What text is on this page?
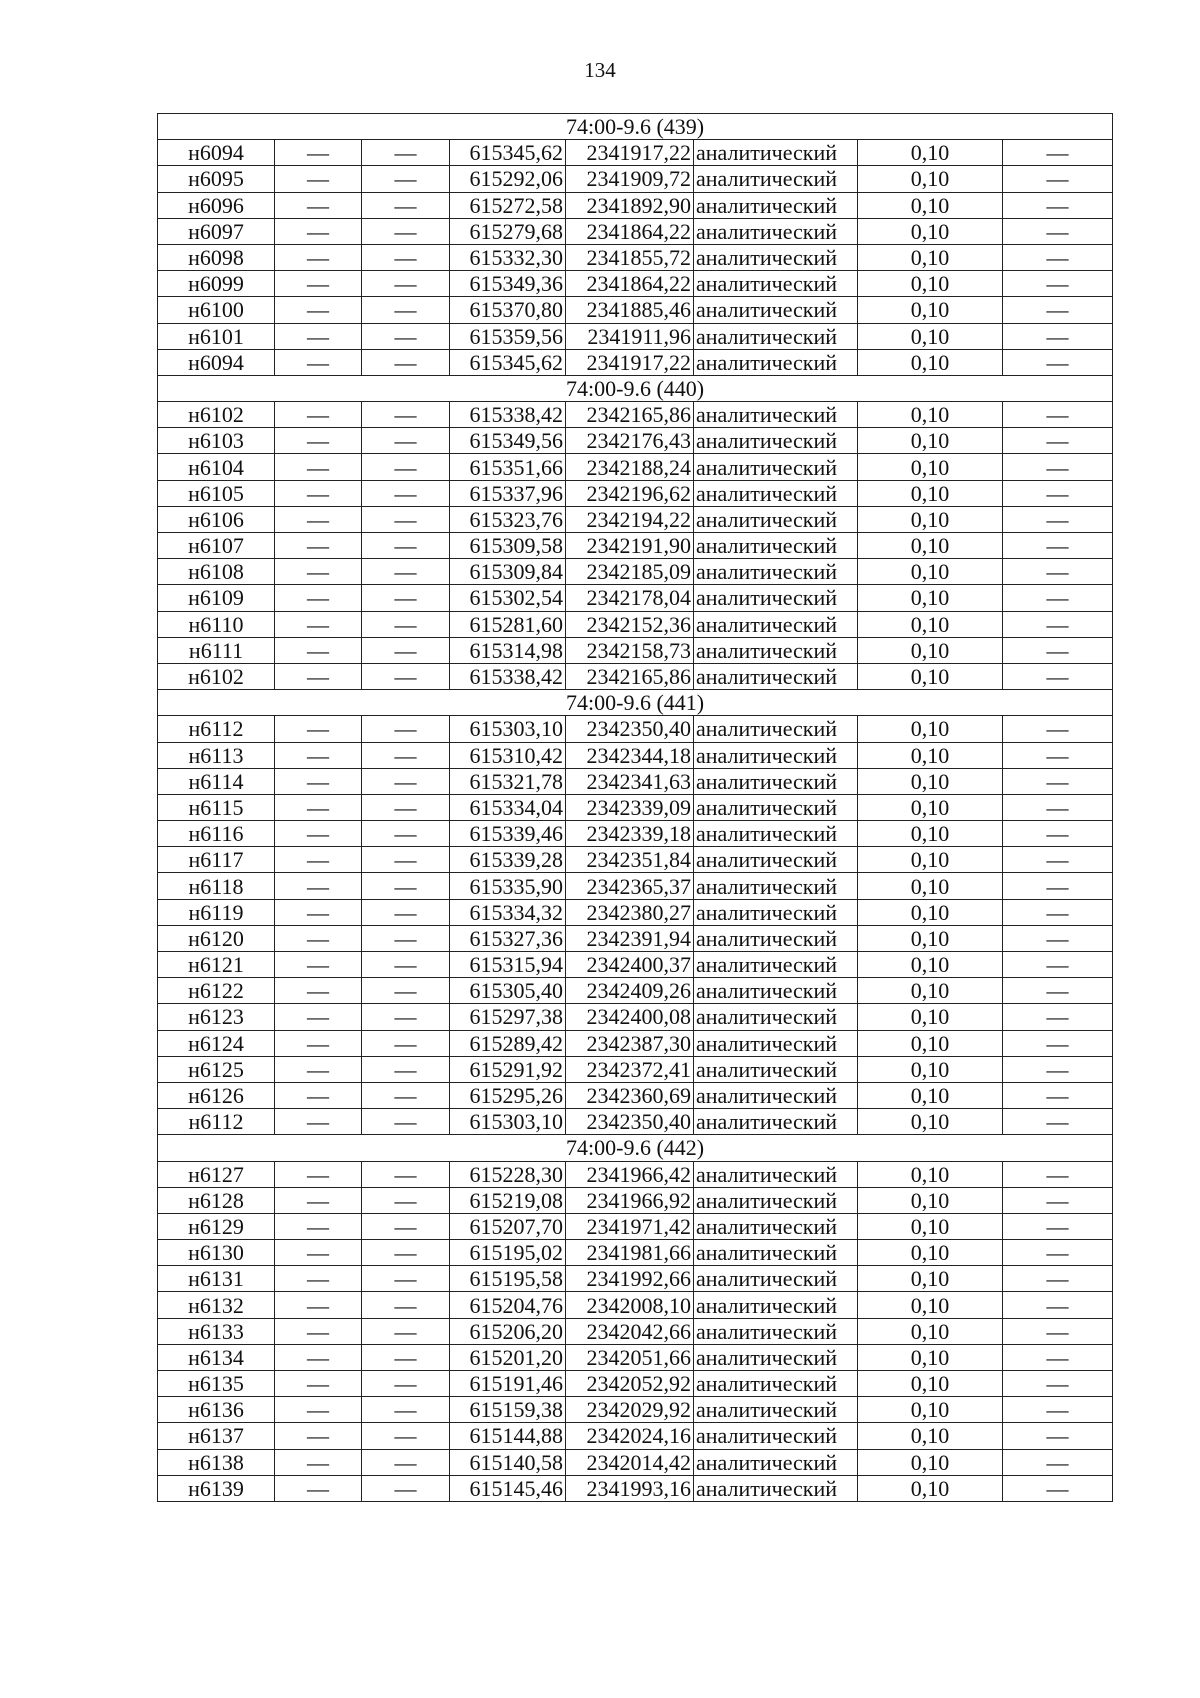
134
74:00-9.6 (439)							
н6094	—	—	615345,62	2341917,22	аналитический	0,10	—
н6095	—	—	615292,06	2341909,72	аналитический	0,10	—
н6096	—	—	615272,58	2341892,90	аналитический	0,10	—
н6097	—	—	615279,68	2341864,22	аналитический	0,10	—
н6098	—	—	615332,30	2341855,72	аналитический	0,10	—
н6099	—	—	615349,36	2341864,22	аналитический	0,10	—
н6100	—	—	615370,80	2341885,46	аналитический	0,10	—
н6101	—	—	615359,56	2341911,96	аналитический	0,10	—
н6094	—	—	615345,62	2341917,22	аналитический	0,10	—
74:00-9.6 (440)							
н6102	—	—	615338,42	2342165,86	аналитический	0,10	—
н6103	—	—	615349,56	2342176,43	аналитический	0,10	—
н6104	—	—	615351,66	2342188,24	аналитический	0,10	—
н6105	—	—	615337,96	2342196,62	аналитический	0,10	—
н6106	—	—	615323,76	2342194,22	аналитический	0,10	—
н6107	—	—	615309,58	2342191,90	аналитический	0,10	—
н6108	—	—	615309,84	2342185,09	аналитический	0,10	—
н6109	—	—	615302,54	2342178,04	аналитический	0,10	—
н6110	—	—	615281,60	2342152,36	аналитический	0,10	—
н6111	—	—	615314,98	2342158,73	аналитический	0,10	—
н6102	—	—	615338,42	2342165,86	аналитический	0,10	—
74:00-9.6 (441)							
н6112	—	—	615303,10	2342350,40	аналитический	0,10	—
н6113	—	—	615310,42	2342344,18	аналитический	0,10	—
н6114	—	—	615321,78	2342341,63	аналитический	0,10	—
н6115	—	—	615334,04	2342339,09	аналитический	0,10	—
н6116	—	—	615339,46	2342339,18	аналитический	0,10	—
н6117	—	—	615339,28	2342351,84	аналитический	0,10	—
н6118	—	—	615335,90	2342365,37	аналитический	0,10	—
н6119	—	—	615334,32	2342380,27	аналитический	0,10	—
н6120	—	—	615327,36	2342391,94	аналитический	0,10	—
н6121	—	—	615315,94	2342400,37	аналитический	0,10	—
н6122	—	—	615305,40	2342409,26	аналитический	0,10	—
н6123	—	—	615297,38	2342400,08	аналитический	0,10	—
н6124	—	—	615289,42	2342387,30	аналитический	0,10	—
н6125	—	—	615291,92	2342372,41	аналитический	0,10	—
н6126	—	—	615295,26	2342360,69	аналитический	0,10	—
н6112	—	—	615303,10	2342350,40	аналитический	0,10	—
74:00-9.6 (442)							
н6127	—	—	615228,30	2341966,42	аналитический	0,10	—
н6128	—	—	615219,08	2341966,92	аналитический	0,10	—
н6129	—	—	615207,70	2341971,42	аналитический	0,10	—
н6130	—	—	615195,02	2341981,66	аналитический	0,10	—
н6131	—	—	615195,58	2341992,66	аналитический	0,10	—
н6132	—	—	615204,76	2342008,10	аналитический	0,10	—
н6133	—	—	615206,20	2342042,66	аналитический	0,10	—
н6134	—	—	615201,20	2342051,66	аналитический	0,10	—
н6135	—	—	615191,46	2342052,92	аналитический	0,10	—
н6136	—	—	615159,38	2342029,92	аналитический	0,10	—
н6137	—	—	615144,88	2342024,16	аналитический	0,10	—
н6138	—	—	615140,58	2342014,42	аналитический	0,10	—
н6139	—	—	615145,46	2341993,16	аналитический	0,10	—
